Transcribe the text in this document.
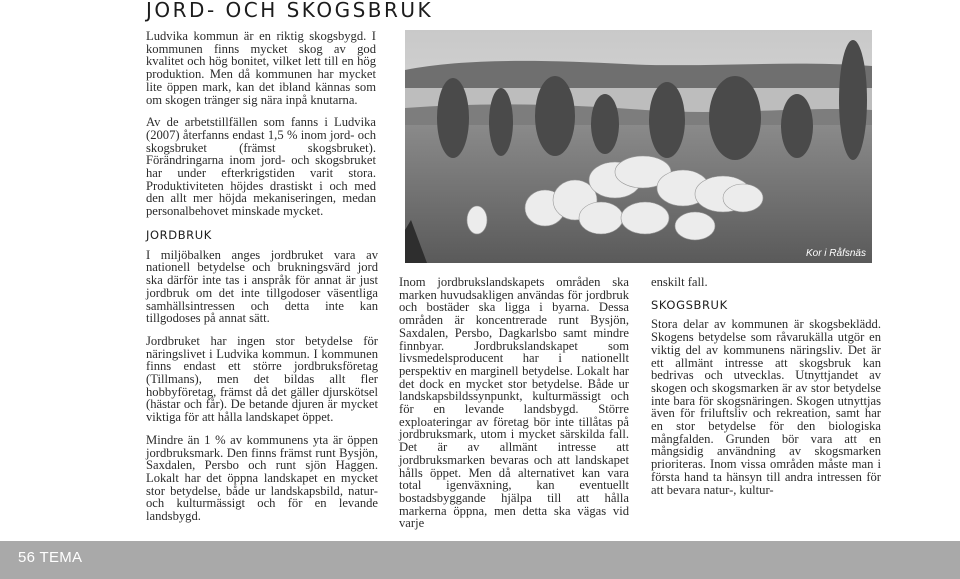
JORD- OCH SKOGSBRUK

Ludvika kommun är en riktig skogsbygd. I kommunen finns mycket skog av god kvalitet och hög bonitet, vilket lett till en hög produktion. Men då kommunen har mycket lite öppen mark, kan det ibland kännas som om skogen tränger sig nära inpå knutarna.

Av de arbetstillfällen som fanns i Ludvika (2007) återfanns endast 1,5 % inom jord- och skogsbruket (främst skogsbruket). Förändringarna inom jord- och skogsbruket har under efterkrigstiden varit stora. Produktiviteten höjdes drastiskt i och med den allt mer höjda mekaniseringen, medan personalbehovet minskade mycket.

Kor i Råfsnäs
JORDBRUK

I miljöbalken anges jordbruket vara av nationell betydelse och brukningsvärd jord ska därför inte tas i anspråk för annat är just jordbruk om det inte tillgodoser väsentliga samhällsintressen och detta inte kan tillgodoses på annat sätt.

Jordbruket har ingen stor betydelse för näringslivet i Ludvika kommun. I kommunen finns endast ett större jordbruksföretag (Tillmans), men det bildas allt fler hobbyföretag, främst då det gäller djurskötsel (hästar och får). De betande djuren är mycket viktiga för att hålla landskapet öppet.

Mindre än 1 % av kommunens yta är öppen jordbruksmark. Den finns främst runt Bysjön, Saxdalen, Persbo och runt sjön Haggen. Lokalt har det öppna landskapet en mycket stor betydelse, både ur landskapsbild, natur- och kulturmässigt och för en levande landsbygd.

Inom jordbrukslandskapets områden ska marken huvudsakligen användas för jordbruk och bostäder ska ligga i byarna. Dessa områden är koncentrerade runt Bysjön, Saxdalen, Persbo, Dagkarlsbo samt mindre finnbyar. Jordbrukslandskapet som livsmedelsproducent har i nationellt perspektiv en marginell betydelse. Lokalt har det dock en mycket stor betydelse. Både ur landskapsbildssynpunkt, kulturmässigt och för en levande landsbygd. Större exploateringar av företag bör inte tillåtas på jordbruksmark, utom i mycket särskilda fall. Det är av allmänt intresse att jordbruksmarken bevaras och att landskapet hålls öppet. Men då alternativet kan vara total igenväxning, kan eventuellt bostadsbyggande hjälpa till att hålla markerna öppna, men detta ska vägas vid varje

enskilt fall.

SKOGSBRUK

Stora delar av kommunen är skogsbeklädd. Skogens betydelse som råvarukälla utgör en viktig del av kommunens näringsliv. Det är ett allmänt intresse att skogsbruk kan bedrivas och utvecklas. Utnyttjandet av skogen och skogsmarken är av stor betydelse inte bara för skogsnäringen. Skogen utnyttjas även för friluftsliv och rekreation, samt har en stor betydelse för den biologiska mångfalden. Grunden bör vara att en mångsidig användning av skogsmarken prioriteras. Inom vissa områden måste man i första hand ta hänsyn till andra intressen för att bevara natur-, kultur-

56 TEMA
